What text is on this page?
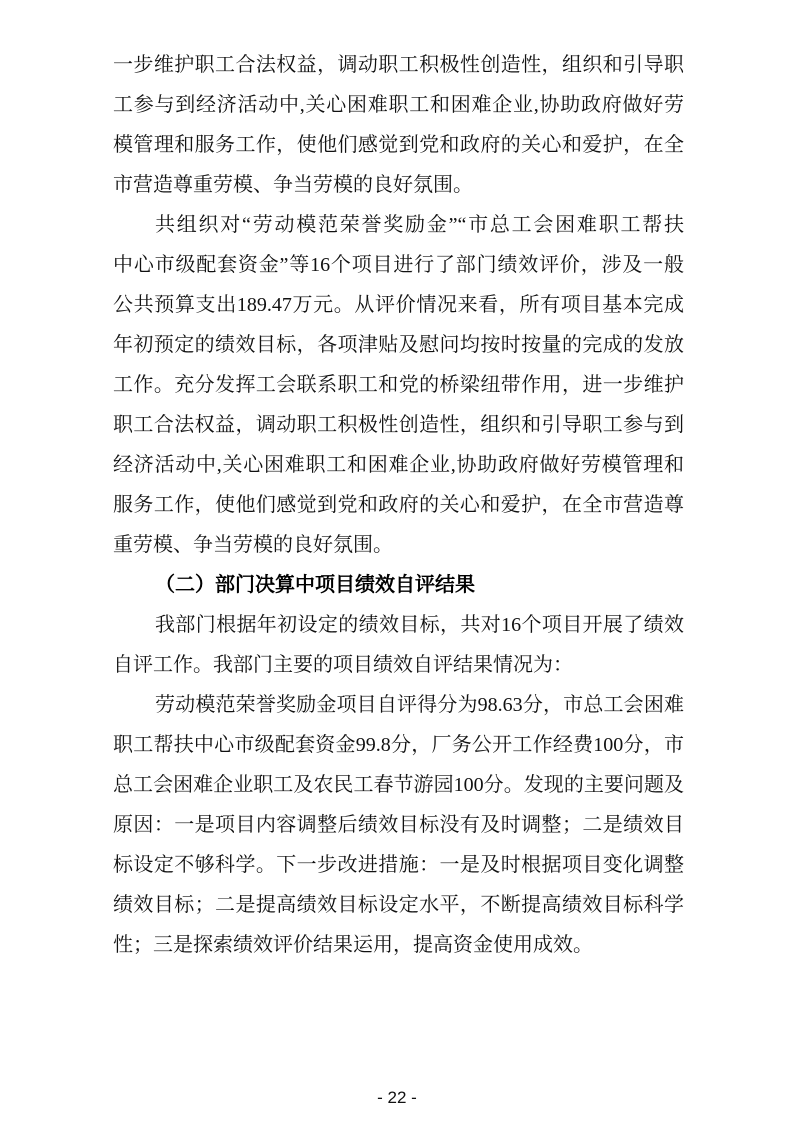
一步维护职工合法权益，调动职工积极性创造性，组织和引导职
工参与到经济活动中,关心困难职工和困难企业,协助政府做好劳
模管理和服务工作，使他们感觉到党和政府的关心和爱护，在全
市营造尊重劳模、争当劳模的良好氛围。
共组织对“劳动模范荣誉奖励金”“市总工会困难职工帮扶
中心市级配套资金”等16个项目进行了部门绩效评价，涉及一般
公共预算支出189.47万元。从评价情况来看，所有项目基本完成
年初预定的绩效目标，各项津贴及慰问均按时按量的完成的发放
工作。充分发挥工会联系职工和党的桥梁纽带作用，进一步维护
职工合法权益，调动职工积极性创造性，组织和引导职工参与到
经济活动中,关心困难职工和困难企业,协助政府做好劳模管理和
服务工作，使他们感觉到党和政府的关心和爱护，在全市营造尊
重劳模、争当劳模的良好氛围。
（二）部门决算中项目绩效自评结果
我部门根据年初设定的绩效目标，共对16个项目开展了绩效
自评工作。我部门主要的项目绩效自评结果情况为：
劳动模范荣誉奖励金项目自评得分为98.63分，市总工会困难
职工帮扶中心市级配套资金99.8分，厂务公开工作经费100分，市
总工会困难企业职工及农民工春节游园100分。发现的主要问题及
原因：一是项目内容调整后绩效目标没有及时调整；二是绩效目
标设定不够科学。下一步改进措施：一是及时根据项目变化调整
绩效目标；二是提高绩效目标设定水平，不断提高绩效目标科学
性；三是探索绩效评价结果运用，提高资金使用成效。
- 22 -
